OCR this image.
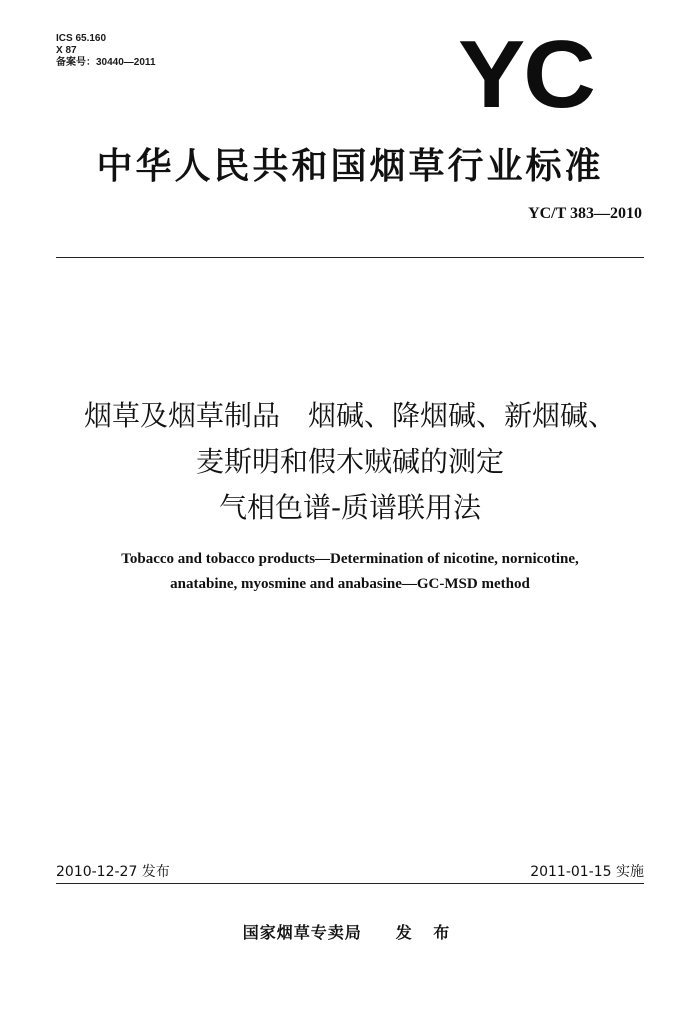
ICS 65.160
X 87
备案号：30440—2011	YC
中华人民共和国烟草行业标准
YC/T 383—2010
烟草及烟草制品　烟碱、降烟碱、新烟碱、
麦斯明和假木贼碱的测定
气相色谱-质谱联用法
Tobacco and tobacco products—Determination of nicotine, nornicotine,
anatabine, myosmine and anabasine—GC-MSD method
2010-12-27 发布	2011-01-15 实施
国家烟草专卖局 发 布
